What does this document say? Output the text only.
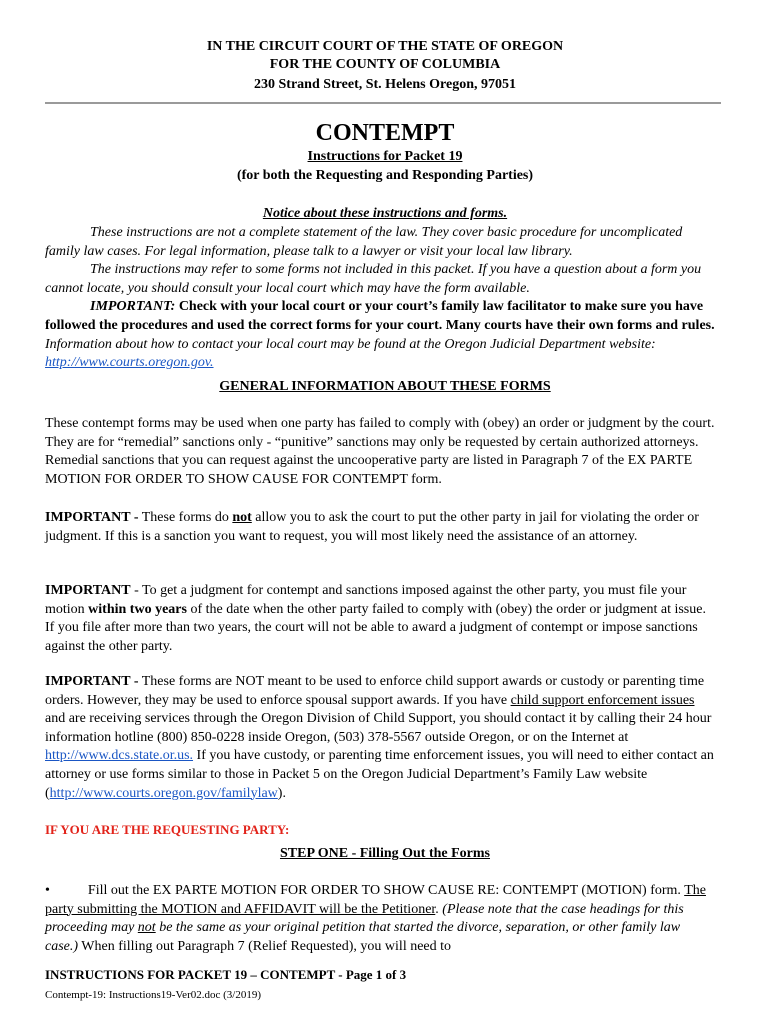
IN THE CIRCUIT COURT OF THE STATE OF OREGON
FOR THE COUNTY OF COLUMBIA
230 Strand Street, St. Helens Oregon, 97051
CONTEMPT
Instructions for Packet 19
(for both the Requesting and Responding Parties)
Notice about these instructions and forms.

These instructions are not a complete statement of the law. They cover basic procedure for uncomplicated family law cases. For legal information, please talk to a lawyer or visit your local law library.

The instructions may refer to some forms not included in this packet. If you have a question about a form you cannot locate, you should consult your local court which may have the form available.

IMPORTANT: Check with your local court or your court’s family law facilitator to make sure you have followed the procedures and used the correct forms for your court. Many courts have their own forms and rules. Information about how to contact your local court may be found at the Oregon Judicial Department website: http://www.courts.oregon.gov.

GENERAL INFORMATION ABOUT THESE FORMS

These contempt forms may be used when one party has failed to comply with (obey) an order or judgment by the court. They are for “remedial” sanctions only - “punitive” sanctions may only be requested by certain authorized attorneys. Remedial sanctions that you can request against the uncooperative party are listed in Paragraph 7 of the EX PARTE MOTION FOR ORDER TO SHOW CAUSE FOR CONTEMPT form.

IMPORTANT - These forms do not allow you to ask the court to put the other party in jail for violating the order or judgment. If this is a sanction you want to request, you will most likely need the assistance of an attorney.

IMPORTANT - To get a judgment for contempt and sanctions imposed against the other party, you must file your motion within two years of the date when the other party failed to comply with (obey) the order or judgment at issue. If you file after more than two years, the court will not be able to award a judgment of contempt or impose sanctions against the other party.

IMPORTANT - These forms are NOT meant to be used to enforce child support awards or custody or parenting time orders. However, they may be used to enforce spousal support awards. If you have child support enforcement issues and are receiving services through the Oregon Division of Child Support, you should contact it by calling their 24 hour information hotline (800) 850-0228 inside Oregon, (503) 378-5567 outside Oregon, or on the Internet at http://www.dcs.state.or.us. If you have custody, or parenting time enforcement issues, you will need to either contact an attorney or use forms similar to those in Packet 5 on the Oregon Judicial Department’s Family Law website (http://www.courts.oregon.gov/familylaw).

IF YOU ARE THE REQUESTING PARTY:
STEP ONE - Filling Out the Forms

•	Fill out the EX PARTE MOTION FOR ORDER TO SHOW CAUSE RE: CONTEMPT (MOTION) form. The party submitting the MOTION and AFFIDAVIT will be the Petitioner. (Please note that the case headings for this proceeding may not be the same as your original petition that started the divorce, separation, or other family law case.) When filling out Paragraph 7 (Relief Requested), you will need to

INSTRUCTIONS FOR PACKET 19 – CONTEMPT - Page 1 of 3
Contempt-19: Instructions19-Ver02.doc (3/2019)
